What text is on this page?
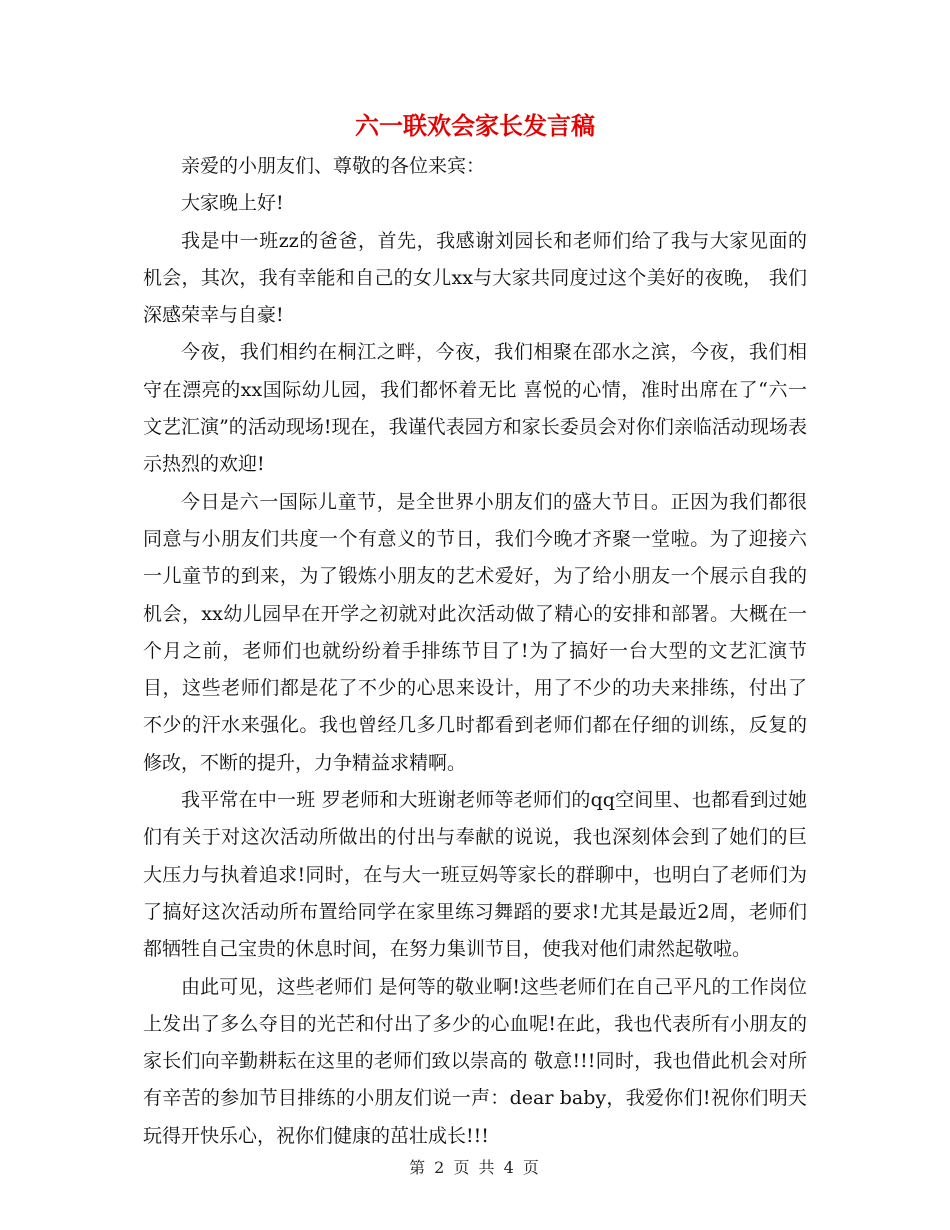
六一联欢会家长发言稿

亲爱的小朋友们、尊敬的各位来宾：

大家晚上好!

我是中一班zz的爸爸，首先，我感谢刘园长和老师们给了我与大家见面的机会，其次，我有幸能和自己的女儿xx与大家共同度过这个美好的夜晚， 我们深感荣幸与自豪!

今夜，我们相约在桐江之畔，今夜，我们相聚在邵水之滨，今夜，我们相守在漂亮的xx国际幼儿园，我们都怀着无比 喜悦的心情，准时出席在了“六一文艺汇演”的活动现场!现在，我谨代表园方和家长委员会对你们亲临活动现场表示热烈的欢迎!

今日是六一国际儿童节，是全世界小朋友们的盛大节日。正因为我们都很同意与小朋友们共度一个有意义的节日，我们今晚才齐聚一堂啦。为了迎接六一儿童节的到来，为了锻炼小朋友的艺术爱好，为了给小朋友一个展示自我的机会，xx幼儿园早在开学之初就对此次活动做了精心的安排和部署。大概在一个月之前，老师们也就纷纷着手排练节目了!为了搞好一台大型的文艺汇演节目，这些老师们都是花了不少的心思来设计，用了不少的功夫来排练，付出了不少的汗水来强化。我也曾经几多几时都看到老师们都在仔细的训练，反复的修改，不断的提升，力争精益求精啊。

我平常在中一班 罗老师和大班谢老师等老师们的qq空间里、也都看到过她们有关于对这次活动所做出的付出与奉献的说说，我也深刻体会到了她们的巨大压力与执着追求!同时，在与大一班豆妈等家长的群聊中，也明白了老师们为了搞好这次活动所布置给同学在家里练习舞蹈的要求!尤其是最近2周，老师们都牺牲自己宝贵的休息时间，在努力集训节目，使我对他们肃然起敬啦。

由此可见，这些老师们 是何等的敬业啊!这些老师们在自己平凡的工作岗位上发出了多么夺目的光芒和付出了多少的心血呢!在此，我也代表所有小朋友的家长们向辛勤耕耘在这里的老师们致以崇高的 敬意!!!同时，我也借此机会对所有辛苦的参加节目排练的小朋友们说一声：dear baby，我爱你们!祝你们明天玩得开快乐心，祝你们健康的茁壮成长!!!

第 2 页 共 4 页
